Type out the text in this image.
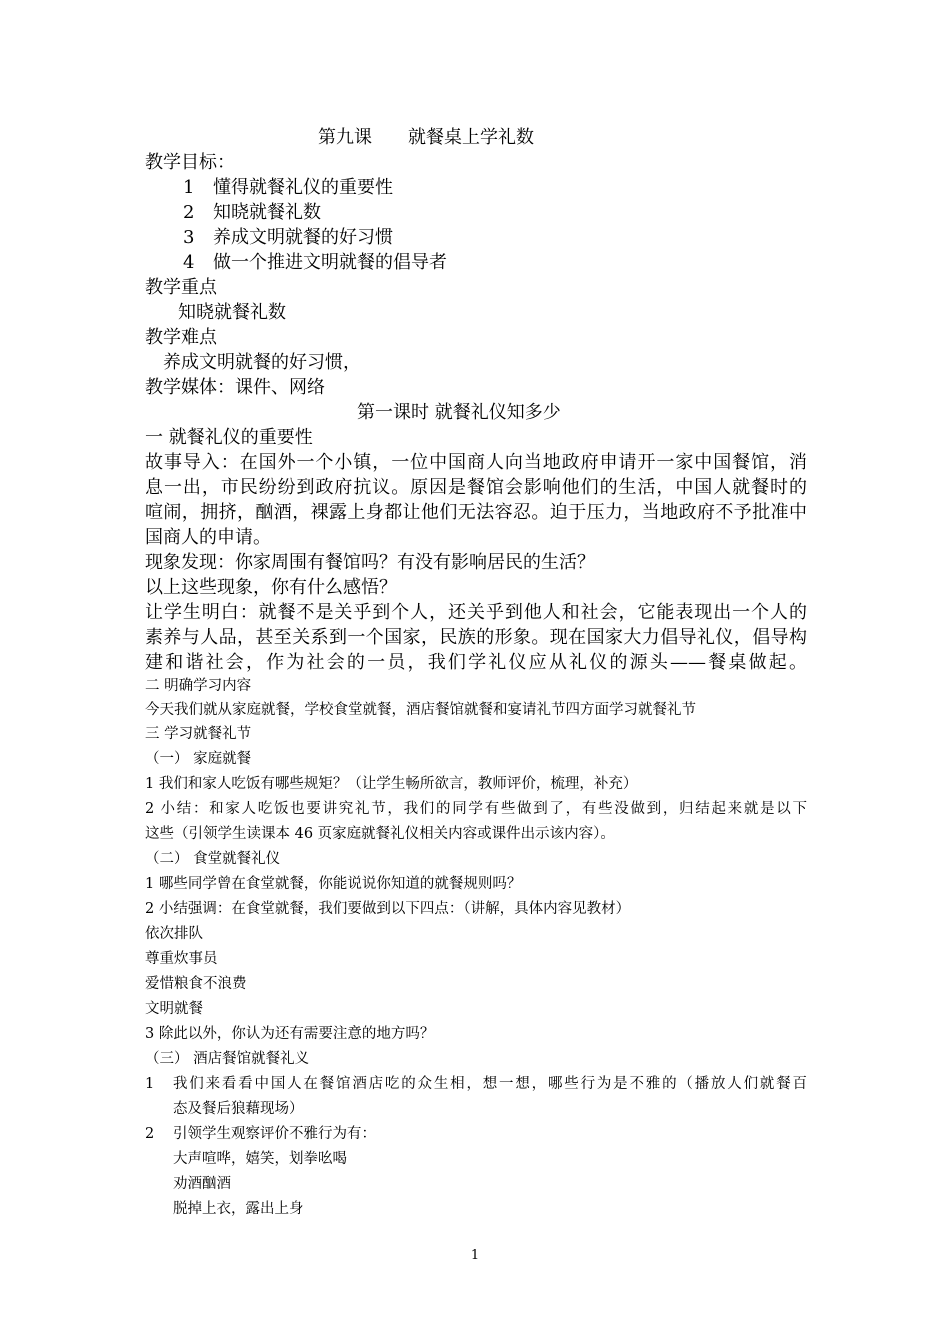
第九课　　就餐桌上学礼数
教学目标：
1 懂得就餐礼仪的重要性
2 知晓就餐礼数
3 养成文明就餐的好习惯
4 做一个推进文明就餐的倡导者
教学重点
知晓就餐礼数
教学难点
养成文明就餐的好习惯，
教学媒体：课件、网络
第一课时 就餐礼仪知多少
一 就餐礼仪的重要性
故事导入：在国外一个小镇，一位中国商人向当地政府申请开一家中国餐馆，消
息一出，市民纷纷到政府抗议。原因是餐馆会影响他们的生活，中国人就餐时的
喧闹，拥挤，酗酒，裸露上身都让他们无法容忍。迫于压力，当地政府不予批准中
国商人的申请。
现象发现：你家周围有餐馆吗？有没有影响居民的生活？
以上这些现象，你有什么感悟？
让学生明白：就餐不是关乎到个人，还关乎到他人和社会，它能表现出一个人的
素养与人品，甚至关系到一个国家，民族的形象。现在国家大力倡导礼仪，倡导构
建和谐社会，作为社会的一员，我们学礼仪应从礼仪的源头——餐桌做起。
二 明确学习内容
今天我们就从家庭就餐，学校食堂就餐，酒店餐馆就餐和宴请礼节四方面学习就餐礼节
三 学习就餐礼节
（一） 家庭就餐
1 我们和家人吃饭有哪些规矩？（让学生畅所欲言，教师评价，梳理，补充）
2 小结：和家人吃饭也要讲究礼节，我们的同学有些做到了，有些没做到，归结起来就是以下
这些（引领学生读课本 46 页家庭就餐礼仪相关内容或课件出示该内容）。
（二） 食堂就餐礼仪
1 哪些同学曾在食堂就餐，你能说说你知道的就餐规则吗？
2 小结强调：在食堂就餐，我们要做到以下四点：（讲解，具体内容见教材）
依次排队
尊重炊事员
爱惜粮食不浪费
文明就餐
3 除此以外，你认为还有需要注意的地方吗？
（三） 酒店餐馆就餐礼义
1 我们来看看中国人在餐馆酒店吃的众生相，想一想，哪些行为是不雅的（播放人们就餐百
态及餐后狼藉现场）
2 引领学生观察评价不雅行为有：
大声喧哗，嬉笑，划拳吆喝
劝酒酗酒
脱掉上衣，露出上身
1
